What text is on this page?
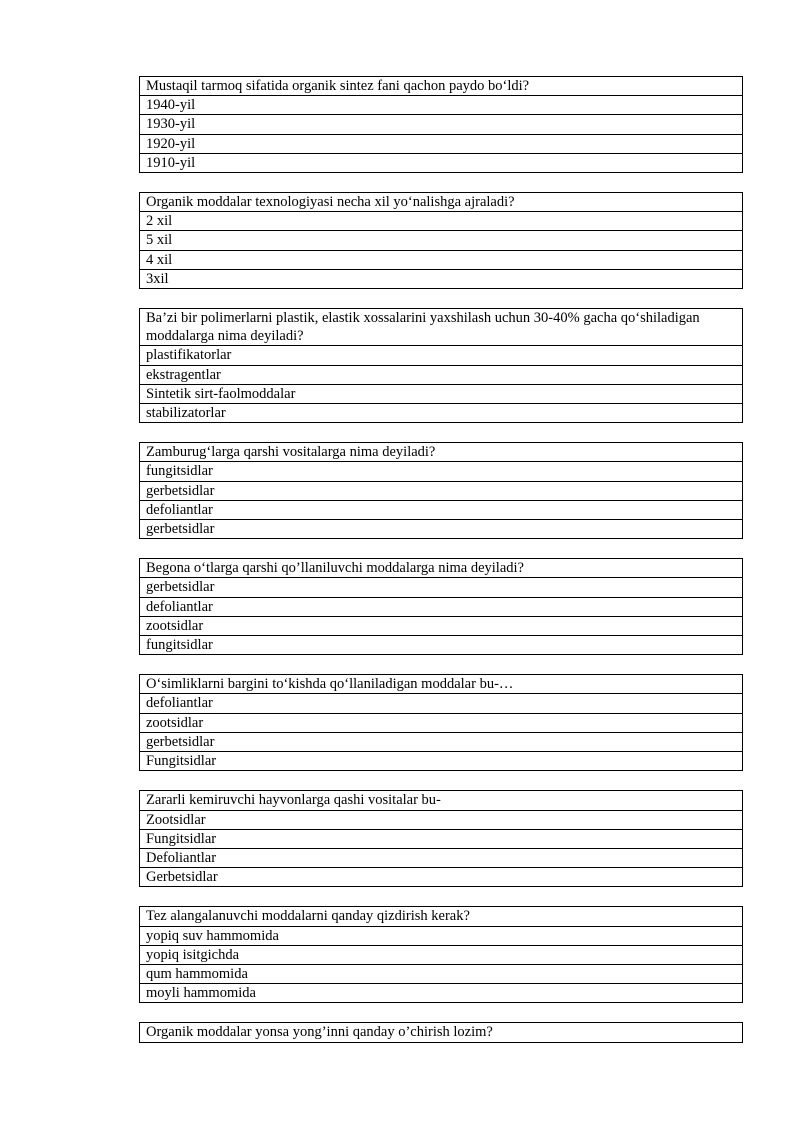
Mustaqil tarmoq sifatida organik sintez fani qachon paydo bo‘ldi?
1940-yil
1930-yil
1920-yil
1910-yil
Organik moddalar texnologiyasi necha xil yo‘nalishga ajraladi?
2 xil
5 xil
4 xil
3xil
Ba’zi bir polimerlarni plastik, elastik xossalarini yaxshilash uchun 30-40% gacha qo‘shiladigan moddalarga nima deyiladi?
plastifikatorlar
ekstragentlar
Sintetik sirt-faolmoddalar
stabilizatorlar
Zamburug‘larga qarshi vositalarga nima deyiladi?
fungitsidlar
gerbetsidlar
defoliantlar
gerbetsidlar
Begona o‘tlarga qarshi qo’llaniluvchi moddalarga nima deyiladi?
gerbetsidlar
defoliantlar
zootsidlar
fungitsidlar
O‘simliklarni bargini to‘kishda qo‘llaniladigan moddalar bu-…
defoliantlar
zootsidlar
gerbetsidlar
Fungitsidlar
Zararli kemiruvchi hayvonlarga qashi vositalar bu-
Zootsidlar
Fungitsidlar
Defoliantlar
Gerbetsidlar
Tez alangalanuvchi moddalarni qanday qizdirish kerak?
yopiq suv hammomida
yopiq isitgichda
qum hammomida
moyli hammomida
Organik moddalar yonsa yong’inni qanday o’chirish lozim?
